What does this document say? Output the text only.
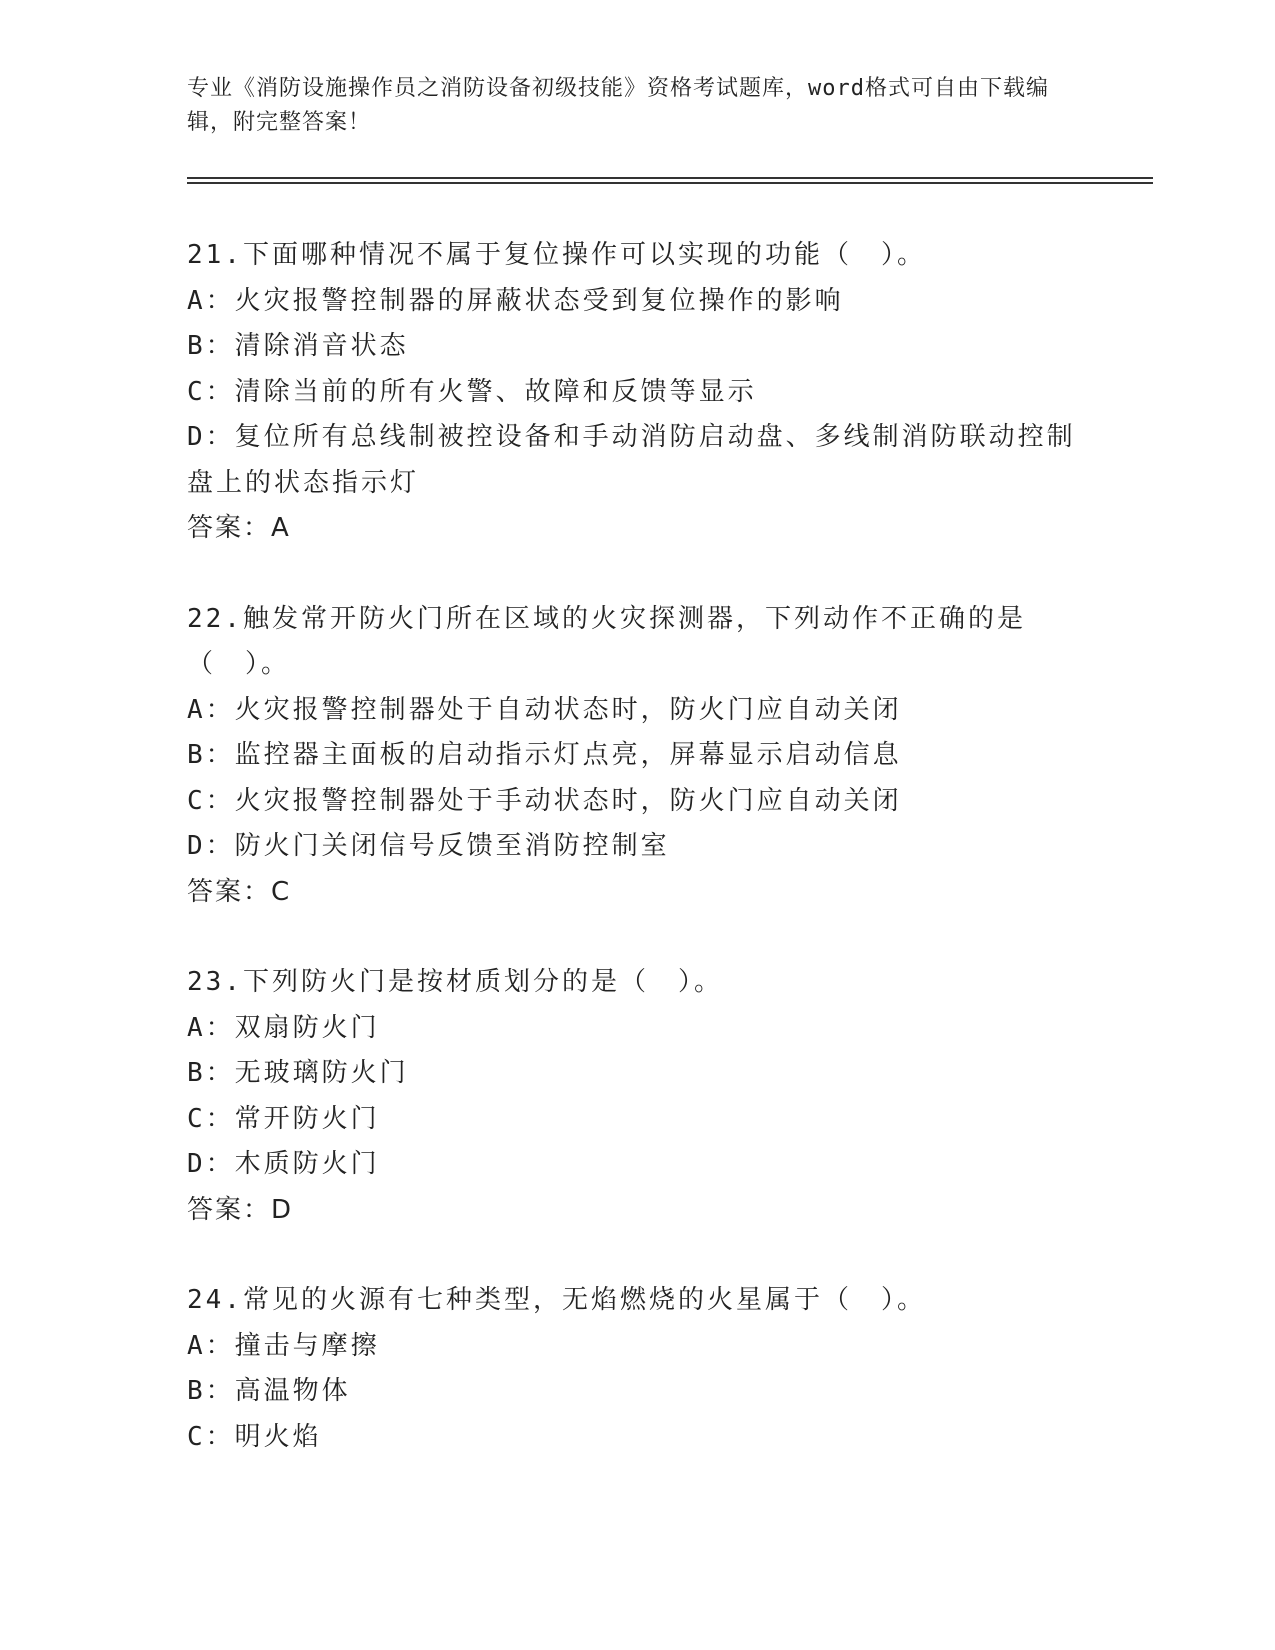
专业《消防设施操作员之消防设备初级技能》资格考试题库，word格式可自由下载编辑，附完整答案！
21.下面哪种情况不属于复位操作可以实现的功能（　）。
A：火灾报警控制器的屏蔽状态受到复位操作的影响
B：清除消音状态
C：清除当前的所有火警、故障和反馈等显示
D：复位所有总线制被控设备和手动消防启动盘、多线制消防联动控制盘上的状态指示灯
答案：A
22.触发常开防火门所在区域的火灾探测器，下列动作不正确的是（　）。
A：火灾报警控制器处于自动状态时，防火门应自动关闭
B：监控器主面板的启动指示灯点亮，屏幕显示启动信息
C：火灾报警控制器处于手动状态时，防火门应自动关闭
D：防火门关闭信号反馈至消防控制室
答案：C
23.下列防火门是按材质划分的是（　）。
A：双扇防火门
B：无玻璃防火门
C：常开防火门
D：木质防火门
答案：D
24.常见的火源有七种类型，无焰燃烧的火星属于（　）。
A：撞击与摩擦
B：高温物体
C：明火焰
